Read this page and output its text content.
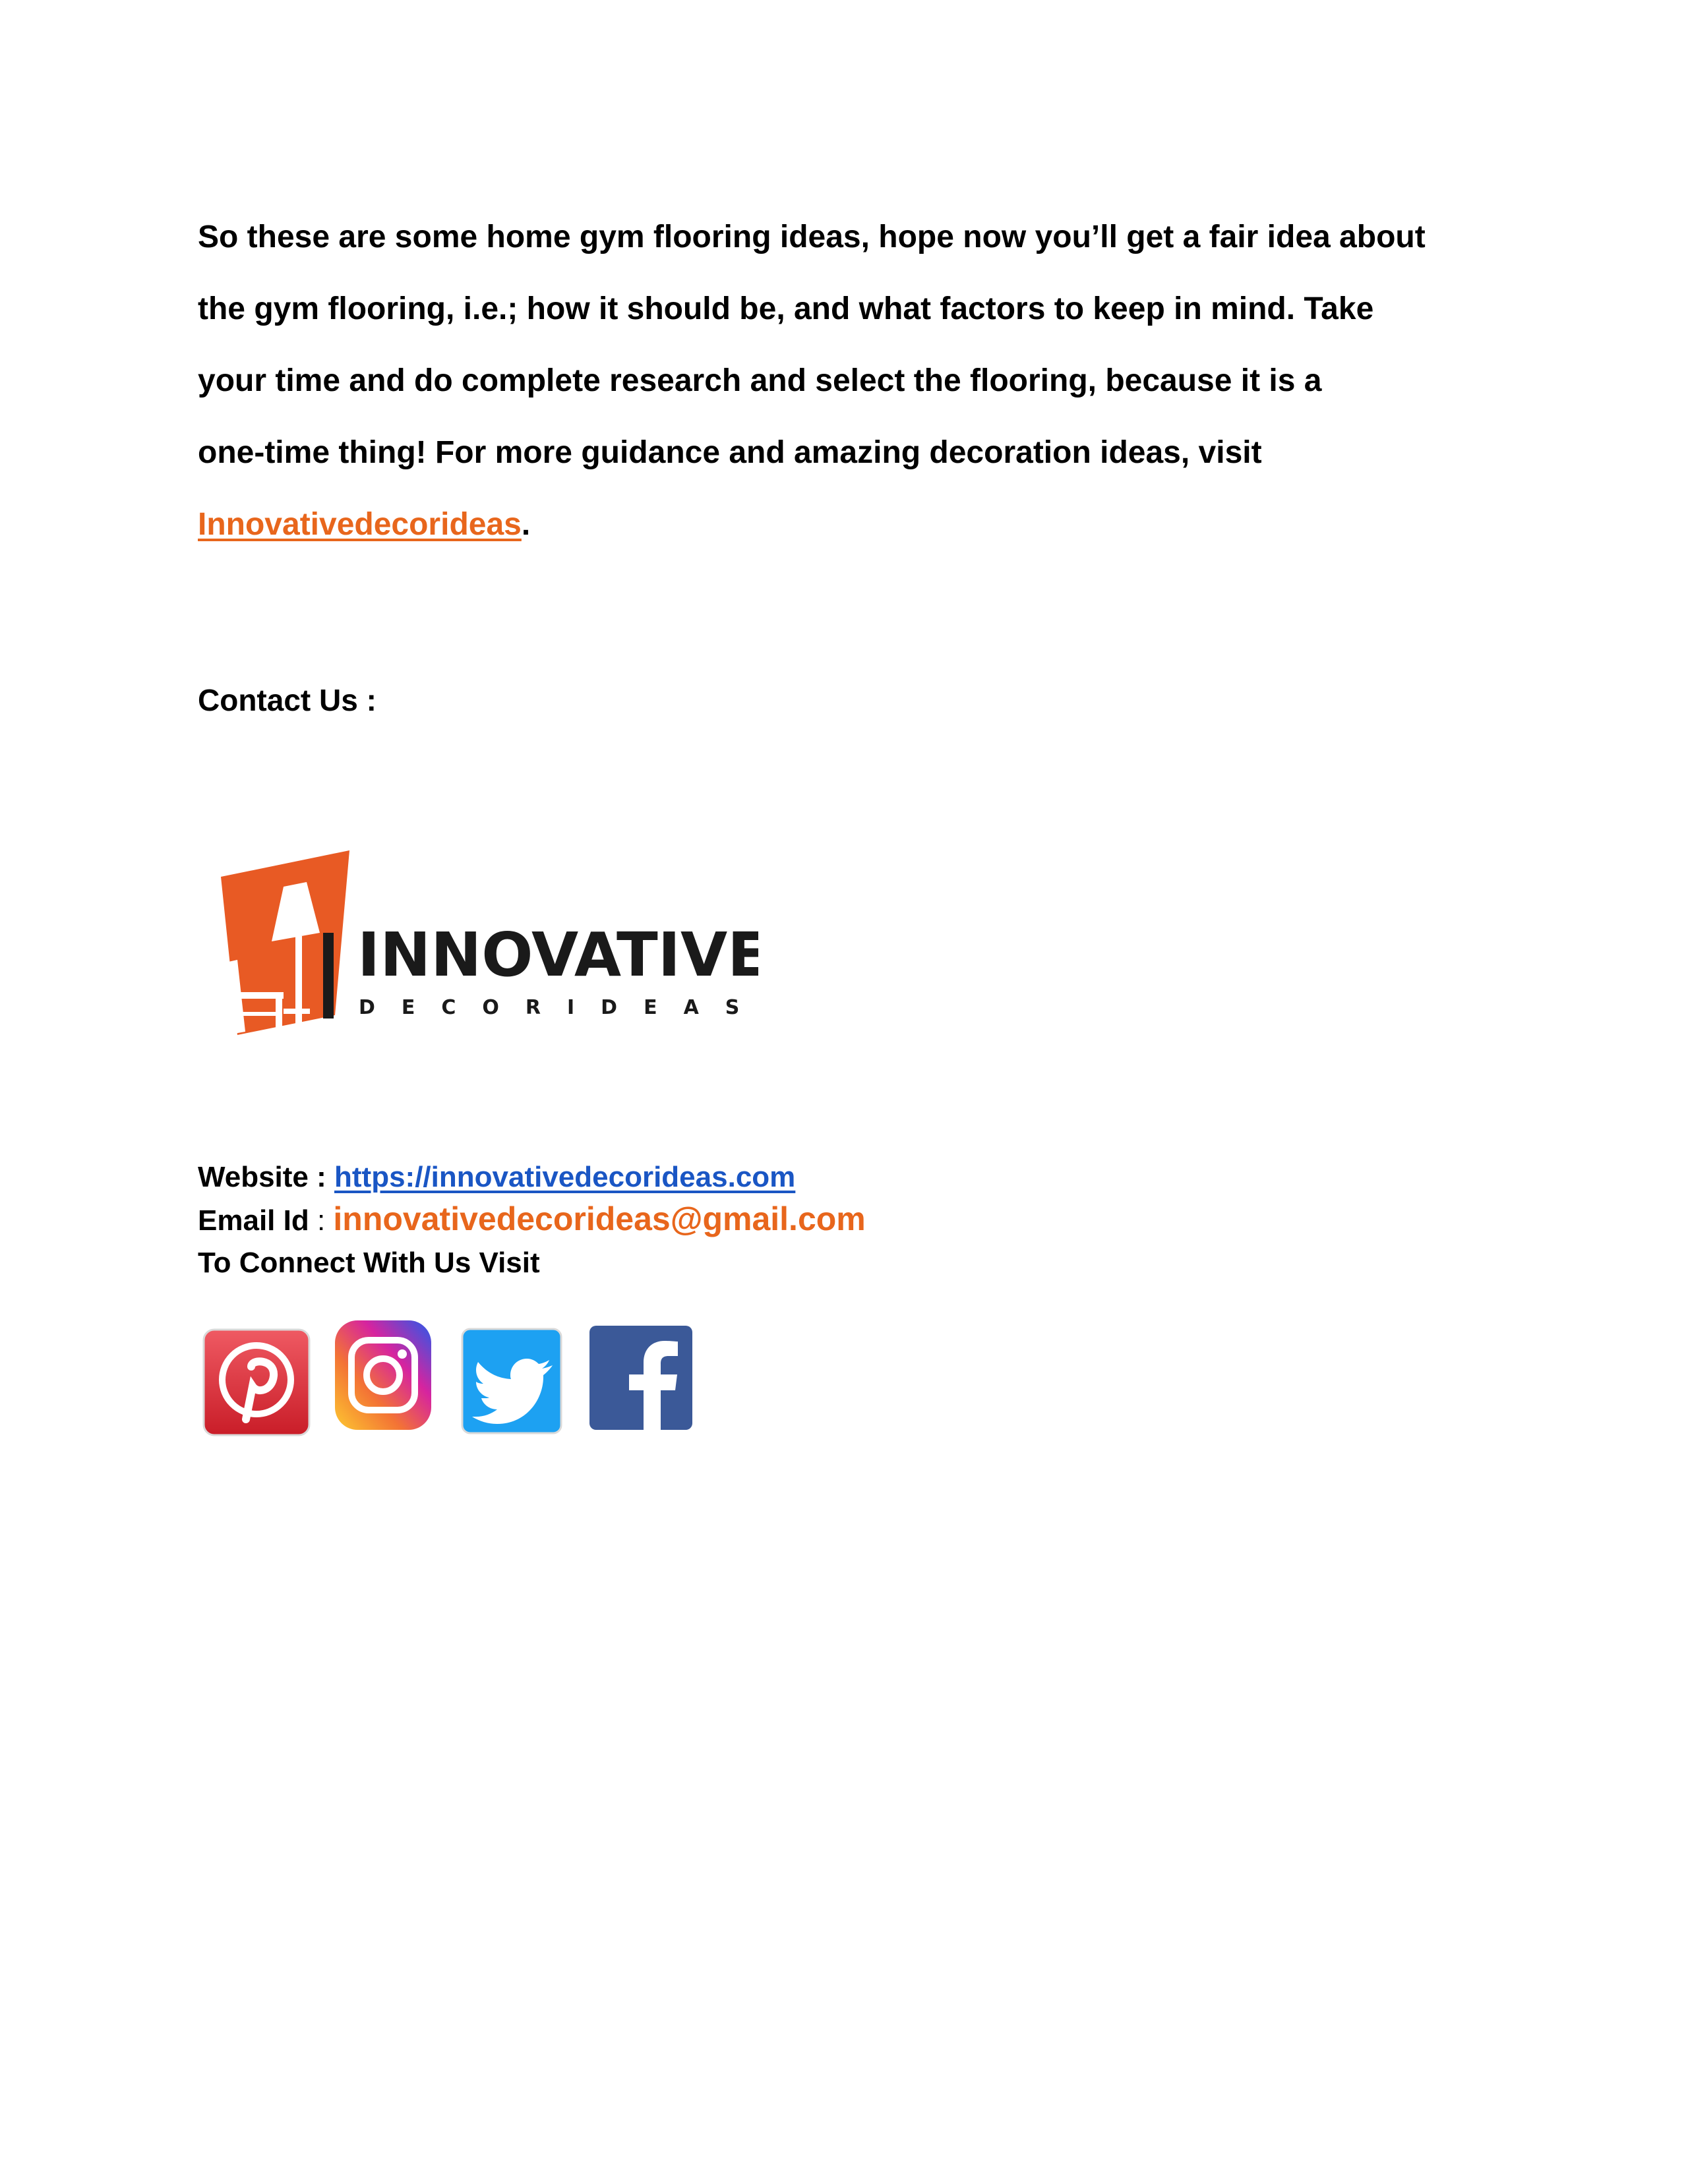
So these are some home gym flooring ideas, hope now you’ll get a fair idea about
the gym flooring, i.e.; how it should be, and what factors to keep in mind. Take
your time and do complete research and select the flooring, because it is a
one-time thing! For more guidance and amazing decoration ideas, visit
Innovativedecorideas.
Contact Us :
INNOVATIVE
DECORIDEAS
Website : https://innovativedecorideas.com
Email Id : innovativedecorideas@gmail.com
To Connect With Us Visit
